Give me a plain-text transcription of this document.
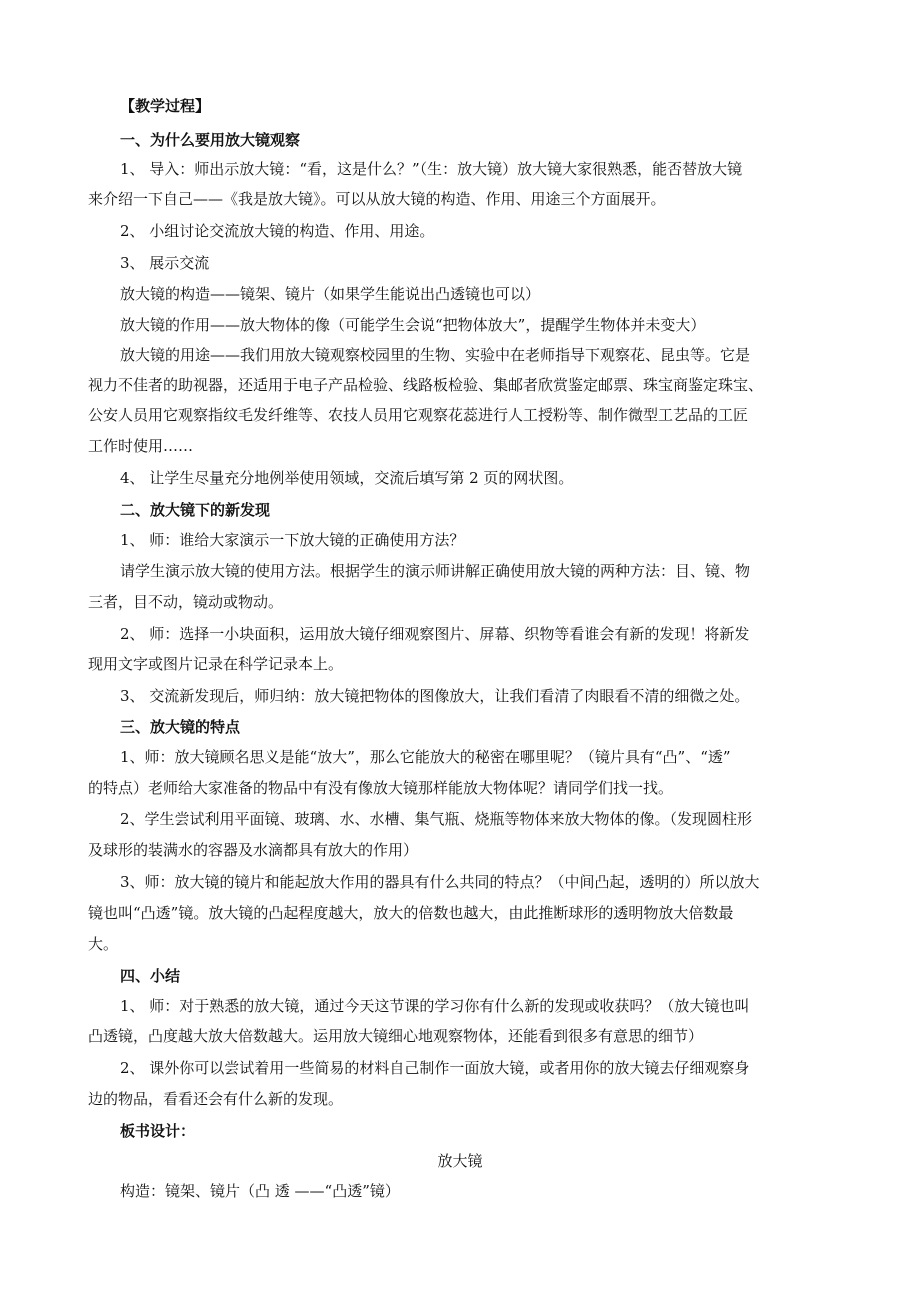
【教学过程】
一、为什么要用放大镜观察
1、 导入：师出示放大镜：“看，这是什么？”（生：放大镜）放大镜大家很熟悉，能否替放大镜
来介绍一下自己——《我是放大镜》。可以从放大镜的构造、作用、用途三个方面展开。
2、 小组讨论交流放大镜的构造、作用、用途。
3、 展示交流
放大镜的构造——镜架、镜片（如果学生能说出凸透镜也可以）
放大镜的作用——放大物体的像（可能学生会说“把物体放大”，提醒学生物体并未变大）
放大镜的用途——我们用放大镜观察校园里的生物、实验中在老师指导下观察花、昆虫等。它是
视力不佳者的助视器，还适用于电子产品检验、线路板检验、集邮者欣赏鉴定邮票、珠宝商鉴定珠宝、
公安人员用它观察指纹毛发纤维等、农技人员用它观察花蕊进行人工授粉等、制作微型工艺品的工匠
工作时使用……
4、 让学生尽量充分地例举使用领域，交流后填写第 2 页的网状图。
二、放大镜下的新发现
1、 师：谁给大家演示一下放大镜的正确使用方法？
请学生演示放大镜的使用方法。根据学生的演示师讲解正确使用放大镜的两种方法：目、镜、物
三者，目不动，镜动或物动。
2、 师：选择一小块面积，运用放大镜仔细观察图片、屏幕、织物等看谁会有新的发现！将新发
现用文字或图片记录在科学记录本上。
3、 交流新发现后，师归纳：放大镜把物体的图像放大，让我们看清了肉眼看不清的细微之处。
三、放大镜的特点
1、师：放大镜顾名思义是能“放大”，那么它能放大的秘密在哪里呢？（镜片具有“凸”、“透”
的特点）老师给大家准备的物品中有没有像放大镜那样能放大物体呢？请同学们找一找。
2、学生尝试利用平面镜、玻璃、水、水槽、集气瓶、烧瓶等物体来放大物体的像。（发现圆柱形
及球形的装满水的容器及水滴都具有放大的作用）
3、师：放大镜的镜片和能起放大作用的器具有什么共同的特点？（中间凸起，透明的）所以放大
镜也叫“凸透”镜。放大镜的凸起程度越大，放大的倍数也越大，由此推断球形的透明物放大倍数最
大。
四、小结
1、 师：对于熟悉的放大镜，通过今天这节课的学习你有什么新的发现或收获吗？（放大镜也叫
凸透镜，凸度越大放大倍数越大。运用放大镜细心地观察物体，还能看到很多有意思的细节）
2、 课外你可以尝试着用一些简易的材料自己制作一面放大镜，或者用你的放大镜去仔细观察身
边的物品，看看还会有什么新的发现。
板书设计：
放大镜
构造：镜架、镜片（凸 透 ——“凸透”镜）
